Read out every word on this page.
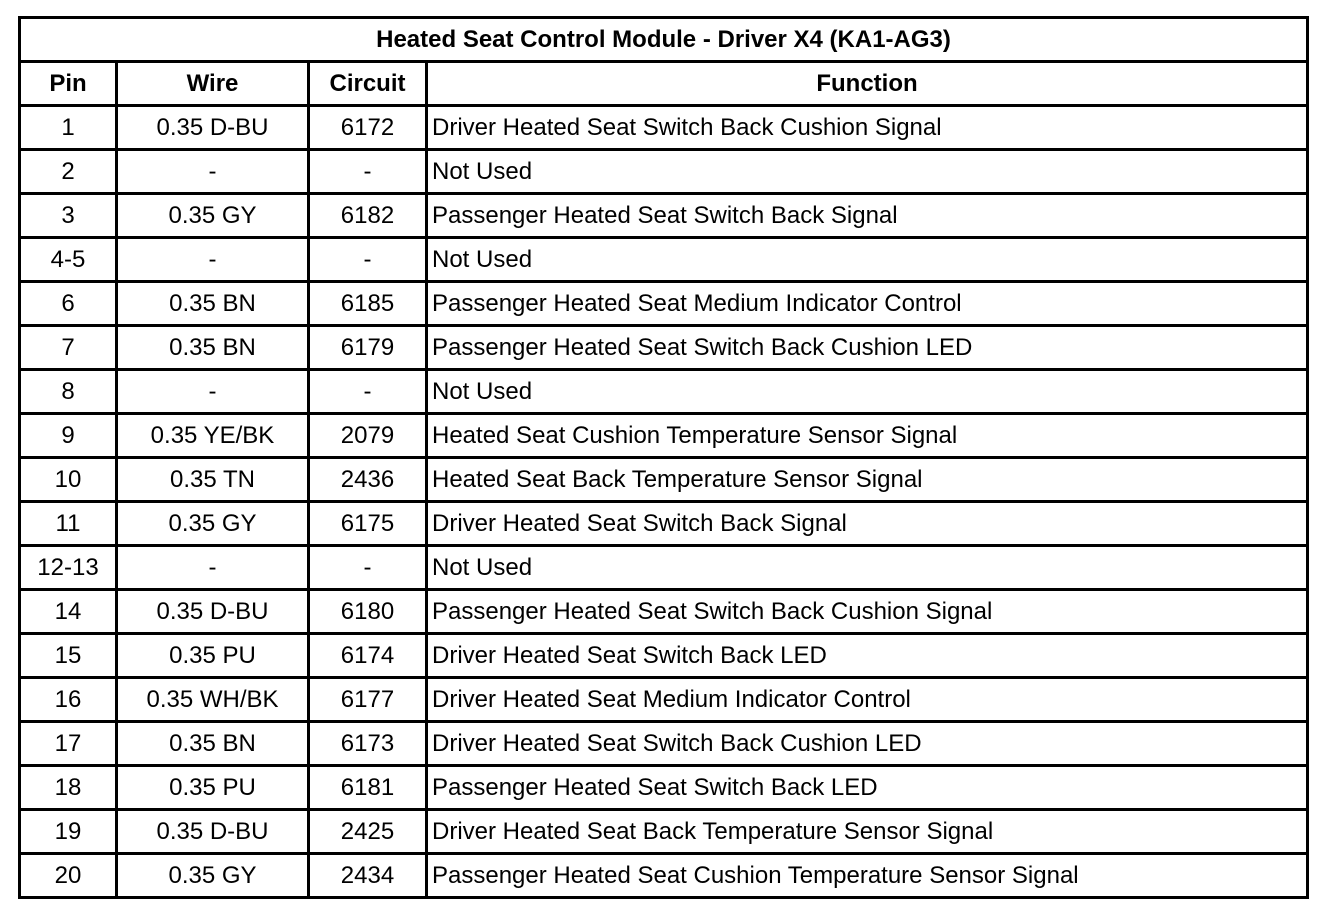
Heated Seat Control Module - Driver X4 (KA1-AG3)			
Pin	Wire	Circuit	Function
1	0.35 D-BU	6172	Driver Heated Seat Switch Back Cushion Signal
2	-	-	Not Used
3	0.35 GY	6182	Passenger Heated Seat Switch Back Signal
4-5	-	-	Not Used
6	0.35 BN	6185	Passenger Heated Seat Medium Indicator Control
7	0.35 BN	6179	Passenger Heated Seat Switch Back Cushion LED
8	-	-	Not Used
9	0.35 YE/BK	2079	Heated Seat Cushion Temperature Sensor Signal
10	0.35 TN	2436	Heated Seat Back Temperature Sensor Signal
11	0.35 GY	6175	Driver Heated Seat Switch Back Signal
12-13	-	-	Not Used
14	0.35 D-BU	6180	Passenger Heated Seat Switch Back Cushion Signal
15	0.35 PU	6174	Driver Heated Seat Switch Back LED
16	0.35 WH/BK	6177	Driver Heated Seat Medium Indicator Control
17	0.35 BN	6173	Driver Heated Seat Switch Back Cushion LED
18	0.35 PU	6181	Passenger Heated Seat Switch Back LED
19	0.35 D-BU	2425	Driver Heated Seat Back Temperature Sensor Signal
20	0.35 GY	2434	Passenger Heated Seat Cushion Temperature Sensor Signal
